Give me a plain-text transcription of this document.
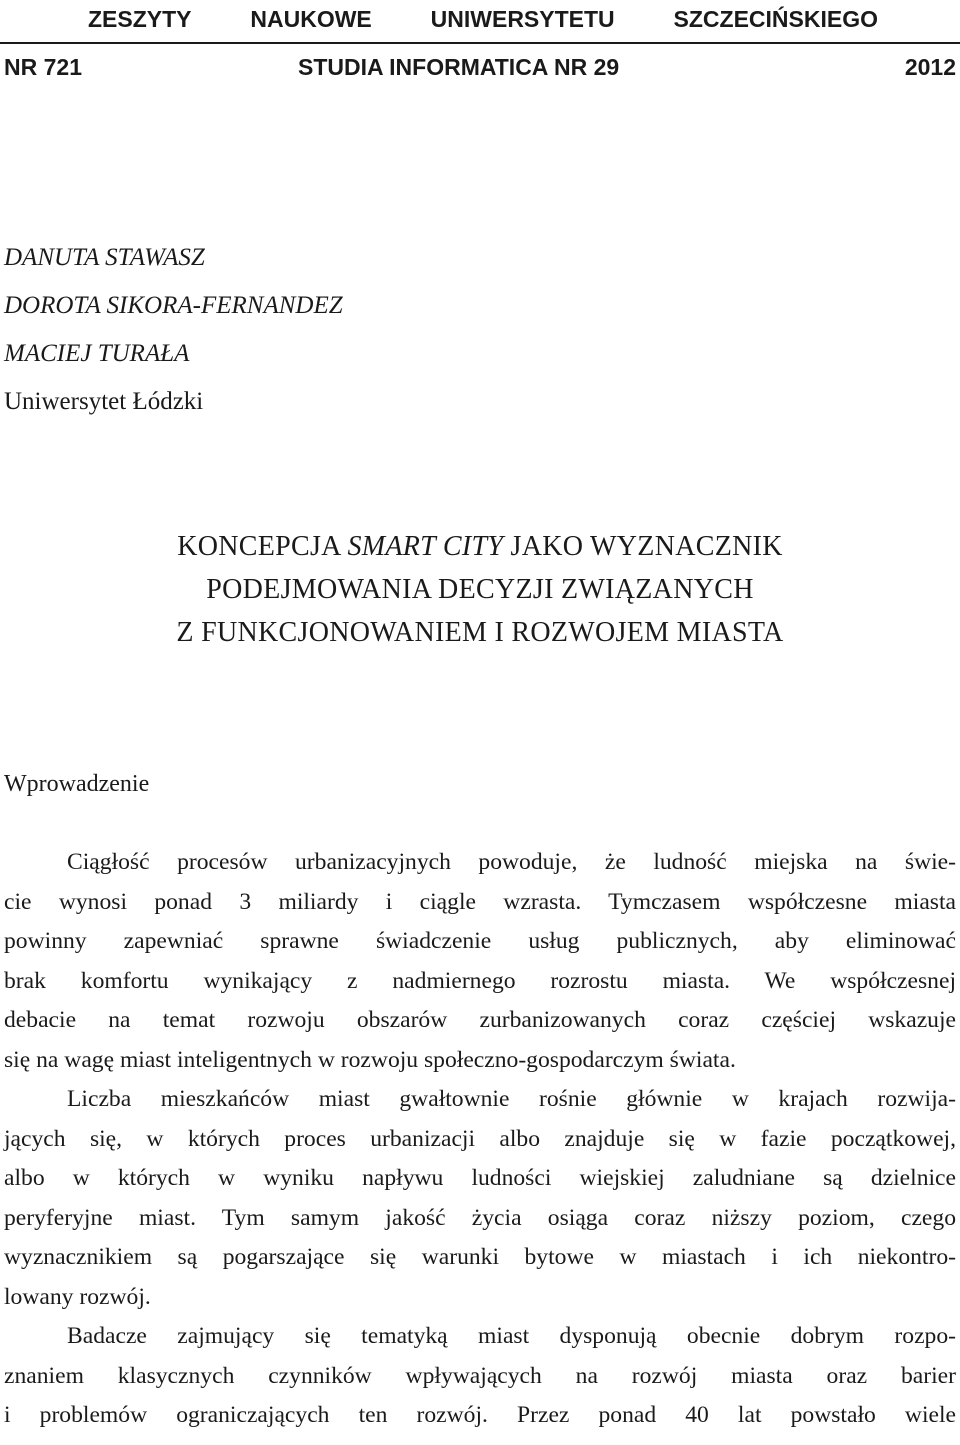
ZESZYTY	NAUKOWE	UNIWERSYTETU	SZCZECIŃSKIEGO
NR 721	STUDIA INFORMATICA NR 29	2012
DANUTA STAWASZ
DOROTA SIKORA-FERNANDEZ
MACIEJ TURAŁA
Uniwersytet Łódzki
KONCEPCJA SMART CITY JAKO WYZNACZNIK
PODEJMOWANIA DECYZJI ZWIĄZANYCH
Z FUNKCJONOWANIEM I ROZWOJEM MIASTA
Wprowadzenie
Ciągłość procesów urbanizacyjnych powoduje, że ludność miejska na świe-
cie wynosi ponad 3 miliardy i ciągle wzrasta. Tymczasem współczesne miasta
powinny zapewniać sprawne świadczenie usług publicznych, aby eliminować
brak komfortu wynikający z nadmiernego rozrostu miasta. We współczesnej
debacie na temat rozwoju obszarów zurbanizowanych coraz częściej wskazuje
się na wagę miast inteligentnych w rozwoju społeczno-gospodarczym świata.
Liczba mieszkańców miast gwałtownie rośnie głównie w krajach rozwija-
jących się, w których proces urbanizacji albo znajduje się w fazie początkowej,
albo w których w wyniku napływu ludności wiejskiej zaludniane są dzielnice
peryferyjne miast. Tym samym jakość życia osiąga coraz niższy poziom, czego
wyznacznikiem są pogarszające się warunki bytowe w miastach i ich niekontro-
lowany rozwój.
Badacze zajmujący się tematyką miast dysponują obecnie dobrym rozpo-
znaniem klasycznych czynników wpływających na rozwój miasta oraz barier
i problemów ograniczających ten rozwój. Przez ponad 40 lat powstało wiele
